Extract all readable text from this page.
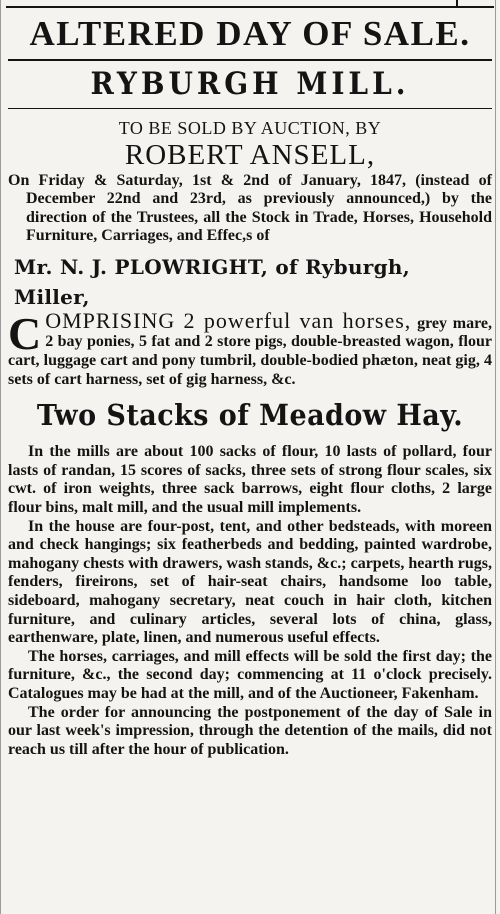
ALTERED DAY OF SALE.
RYBURGH MILL.
TO BE SOLD BY AUCTION, BY
ROBERT ANSELL,

On Friday & Saturday, 1st & 2nd of January, 1847, (instead of December 22nd and 23rd, as previously announced,) by the direction of the Trustees, all the Stock in Trade, Horses, Household Furniture, Carriages, and Effec,s of

Mr. N. J. PLOWRIGHT, of Ryburgh, Miller,

COMPRISING 2 powerful van horses, grey mare, 2 bay ponies, 5 fat and 2 store pigs, double-breasted wagon, flour cart, luggage cart and pony tumbril, double-bodied phæton, neat gig, 4 sets of cart harness, set of gig harness, &c.

Two Stacks of Meadow Hay.

In the mills are about 100 sacks of flour, 10 lasts of pollard, four lasts of randan, 15 scores of sacks, three sets of strong flour scales, six cwt. of iron weights, three sack barrows, eight flour cloths, 2 large flour bins, malt mill, and the usual mill implements.

In the house are four-post, tent, and other bedsteads, with moreen and check hangings; six featherbeds and bedding, painted wardrobe, mahogany chests with drawers, wash stands, &c.; carpets, hearth rugs, fenders, fireirons, set of hair-seat chairs, handsome loo table, sideboard, mahogany secretary, neat couch in hair cloth, kitchen furniture, and culinary articles, several lots of china, glass, earthenware, plate, linen, and numerous useful effects.

The horses, carriages, and mill effects will be sold the first day; the furniture, &c., the second day; commencing at 11 o'clock precisely. Catalogues may be had at the mill, and of the Auctioneer, Fakenham.

The order for announcing the postponement of the day of Sale in our last week's impression, through the detention of the mails, did not reach us till after the hour of publication.
